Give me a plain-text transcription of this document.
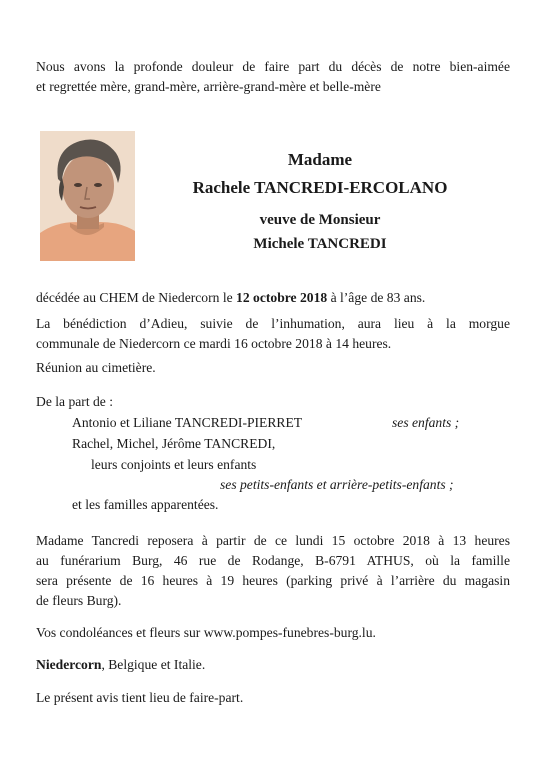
Nous avons la profonde douleur de faire part du décès de notre bien-aimée
et regrettée mère, grand-mère, arrière-grand-mère et belle-mère

Madame
Rachele TANCREDI-ERCOLANO
veuve de Monsieur
Michele TANCREDI

décédée au CHEM de Niedercorn le 12 octobre 2018 à l’âge de 83 ans.

La bénédiction d’Adieu, suivie de l’inhumation, aura lieu à la morgue
communale de Niedercorn ce mardi 16 octobre 2018 à 14 heures.

Réunion au cimetière.

De la part de :

Antonio et Liliane TANCREDI-PIERRET	ses enfants ;

Rachel, Michel, Jérôme TANCREDI,

leurs conjoints et leurs enfants

ses petits-enfants et arrière-petits-enfants ;

et les familles apparentées.

Madame Tancredi reposera à partir de ce lundi 15 octobre 2018 à 13 heures
au funérarium Burg, 46 rue de Rodange, B-6791 ATHUS, où la famille
sera présente de 16 heures à 19 heures (parking privé à l’arrière du magasin
de fleurs Burg).

Vos condoléances et fleurs sur www.pompes-funebres-burg.lu.

Niedercorn, Belgique et Italie.

Le présent avis tient lieu de faire-part.
